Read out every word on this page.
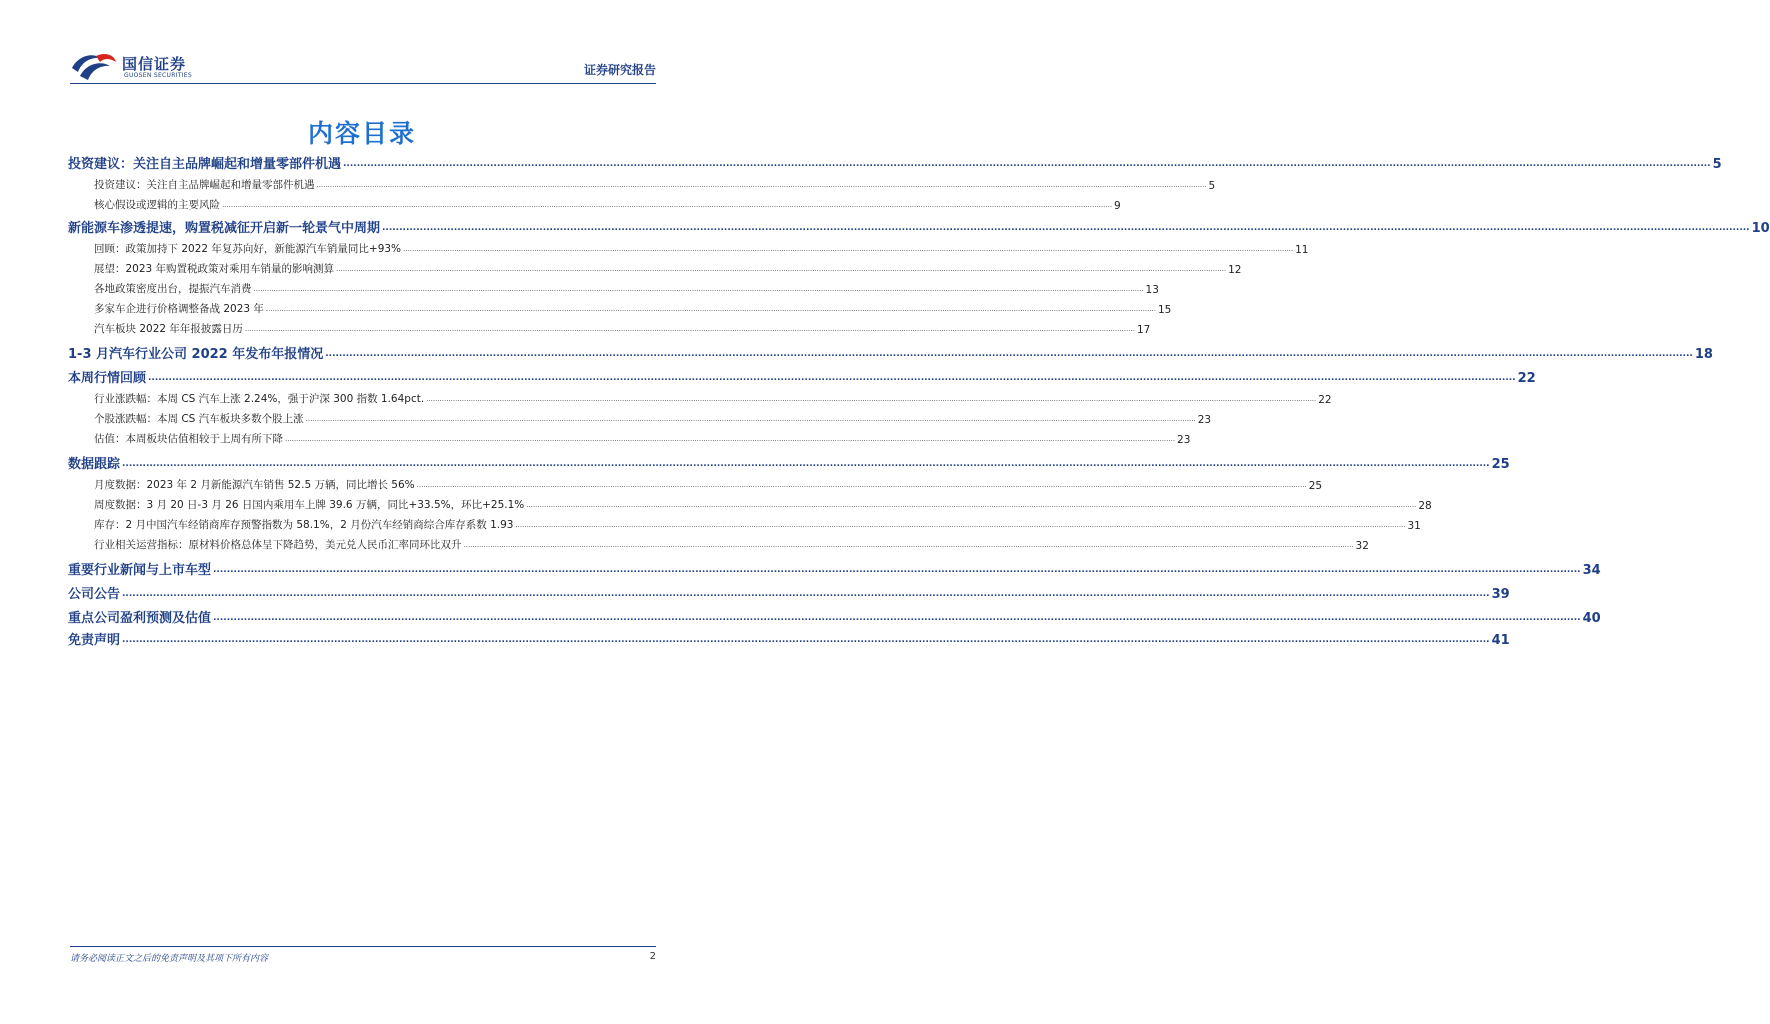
国信证券
GUOSEN SECURITIES	证券研究报告
内容目录
投资建议：关注自主品牌崛起和增量零部件机遇 ................................................................................................................................................................................................................................................................................................................................................................................................................ 5
投资建议：关注自主品牌崛起和增量零部件机遇 ................................................................................................................................................................................................................................................................................................................................................................................................................ 5
核心假设或逻辑的主要风险 ................................................................................................................................................................................................................................................................................................................................................................................................................ 9
新能源车渗透提速，购置税减征开启新一轮景气中周期 ................................................................................................................................................................................................................................................................................................................................................................................................................ 10
回顾：政策加持下 2022 年复苏向好，新能源汽车销量同比+93% ................................................................................................................................................................................................................................................................................................................................................................................................................ 11
展望：2023 年购置税政策对乘用车销量的影响测算 ................................................................................................................................................................................................................................................................................................................................................................................................................ 12
各地政策密度出台，提振汽车消费 ................................................................................................................................................................................................................................................................................................................................................................................................................ 13
多家车企进行价格调整备战 2023 年 ................................................................................................................................................................................................................................................................................................................................................................................................................ 15
汽车板块 2022 年年报披露日历 ................................................................................................................................................................................................................................................................................................................................................................................................................ 17
1-3 月汽车行业公司 2022 年发布年报情况 ................................................................................................................................................................................................................................................................................................................................................................................................................ 18
本周行情回顾 ................................................................................................................................................................................................................................................................................................................................................................................................................ 22
行业涨跌幅：本周 CS 汽车上涨 2.24%，强于沪深 300 指数 1.64pct. ................................................................................................................................................................................................................................................................................................................................................................................................................ 22
个股涨跌幅：本周 CS 汽车板块多数个股上涨 ................................................................................................................................................................................................................................................................................................................................................................................................................ 23
估值：本周板块估值相较于上周有所下降 ................................................................................................................................................................................................................................................................................................................................................................................................................ 23
数据跟踪 ................................................................................................................................................................................................................................................................................................................................................................................................................ 25
月度数据：2023 年 2 月新能源汽车销售 52.5 万辆，同比增长 56% ................................................................................................................................................................................................................................................................................................................................................................................................................ 25
周度数据：3 月 20 日-3 月 26 日国内乘用车上牌 39.6 万辆，同比+33.5%，环比+25.1% ................................................................................................................................................................................................................................................................................................................................................................................................................ 28
库存：2 月中国汽车经销商库存预警指数为 58.1%，2 月份汽车经销商综合库存系数 1.93 ................................................................................................................................................................................................................................................................................................................................................................................................................ 31
行业相关运营指标：原材料价格总体呈下降趋势，美元兑人民币汇率同环比双升 ................................................................................................................................................................................................................................................................................................................................................................................................................ 32
重要行业新闻与上市车型 ................................................................................................................................................................................................................................................................................................................................................................................................................ 34
公司公告 ................................................................................................................................................................................................................................................................................................................................................................................................................ 39
重点公司盈利预测及估值 ................................................................................................................................................................................................................................................................................................................................................................................................................ 40
免责声明 ................................................................................................................................................................................................................................................................................................................................................................................................................ 41
请务必阅读正文之后的免责声明及其项下所有内容	2
